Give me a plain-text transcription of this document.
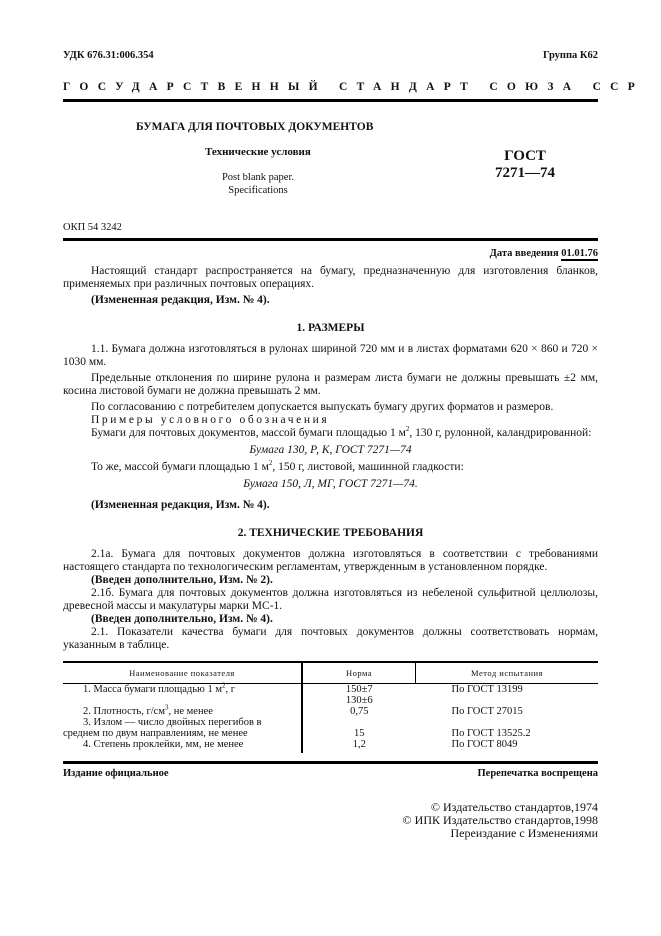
УДК 676.31:006.354	Группа К62
ГОСУДАРСТВЕННЫЙ СТАНДАРТ СОЮЗА ССР
БУМАГА ДЛЯ ПОЧТОВЫХ ДОКУМЕНТОВ
Технические условия
Post blank paper.
Specifications
ГОСТ
7271—74
ОКП 54 3242
Дата введения 01.01.76

Настоящий стандарт распространяется на бумагу, предназначенную для изготовления бланков, применяемых при различных почтовых операциях.

(Измененная редакция, Изм. № 4).

1. РАЗМЕРЫ

1.1. Бумага должна изготовляться в рулонах шириной 720 мм и в листах форматами 620 × 860 и 720 × 1030 мм.

Предельные отклонения по ширине рулона и размерам листа бумаги не должны превышать ±2 мм, косина листовой бумаги не должна превышать 2 мм.

По согласованию с потребителем допускается выпускать бумагу других форматов и размеров.

Примеры условного обозначения

Бумаги для почтовых документов, массой бумаги площадью 1 $м^2$, 130 г, рулонной, каландрированной:

Бумага 130, Р, К, ГОСТ 7271—74

То же, массой бумаги площадью 1 $м^2$, 150 г, листовой, машинной гладкости:

Бумага 150, Л, МГ, ГОСТ 7271—74.

(Измененная редакция, Изм. № 4).

2. ТЕХНИЧЕСКИЕ ТРЕБОВАНИЯ

2.1а. Бумага для почтовых документов должна изготовляться в соответствии с требованиями настоящего стандарта по технологическим регламентам, утвержденным в установленном порядке.

(Введен дополнительно, Изм. № 2).

2.1б. Бумага для почтовых документов должна изготовляться из небеленой сульфитной целлюлозы, древесной массы и макулатуры марки МС-1.

(Введен дополнительно, Изм. № 4).

2.1. Показатели качества бумаги для почтовых документов должны соответствовать нормам, указанным в таблице.

Наименование показателя	Норма	Метод испытания
1. Масса бумаги площадью 1 $м^2$, г	150±7	По ГОСТ 13199
	130±6	
2. Плотность, $г/см^3$, не менее	0,75	По ГОСТ 27015
3. Излом — число двойных перегибов в		
среднем по двум направлениям, не менее	15	По ГОСТ 13525.2
4. Степень проклейки, мм, не менее	1,2	По ГОСТ 8049
Издание официальное	Перепечатка воспрещена
© Издательство стандартов,1974
© ИПК Издательство стандартов,1998
Переиздание с Изменениями
